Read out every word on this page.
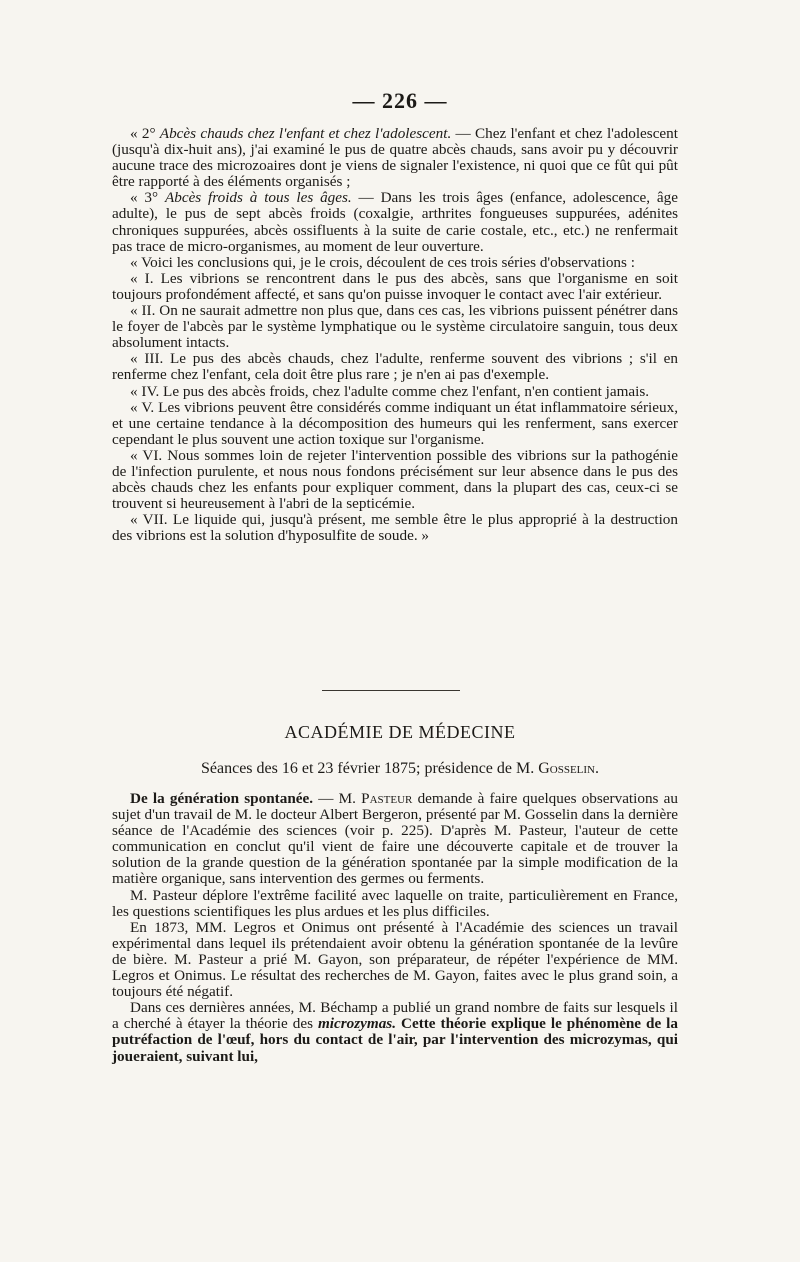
— 226 —

« 2° Abcès chauds chez l'enfant et chez l'adolescent. — Chez l'enfant et chez l'adolescent (jusqu'à dix-huit ans), j'ai examiné le pus de quatre abcès chauds, sans avoir pu y découvrir aucune trace des microzoaires dont je viens de signaler l'existence, ni quoi que ce fût qui pût être rapporté à des éléments organisés ;

« 3° Abcès froids à tous les âges. — Dans les trois âges (enfance, adolescence, âge adulte), le pus de sept abcès froids (coxalgie, arthrites fongueuses suppurées, adénites chroniques suppurées, abcès ossifluents à la suite de carie costale, etc., etc.) ne renfermait pas trace de micro-organismes, au moment de leur ouverture.

« Voici les conclusions qui, je le crois, découlent de ces trois séries d'observations :

« I. Les vibrions se rencontrent dans le pus des abcès, sans que l'organisme en soit toujours profondément affecté, et sans qu'on puisse invoquer le contact avec l'air extérieur.

« II. On ne saurait admettre non plus que, dans ces cas, les vibrions puissent pénétrer dans le foyer de l'abcès par le système lymphatique ou le système circulatoire sanguin, tous deux absolument intacts.

« III. Le pus des abcès chauds, chez l'adulte, renferme souvent des vibrions ; s'il en renferme chez l'enfant, cela doit être plus rare ; je n'en ai pas d'exemple.

« IV. Le pus des abcès froids, chez l'adulte comme chez l'enfant, n'en contient jamais.

« V. Les vibrions peuvent être considérés comme indiquant un état inflammatoire sérieux, et une certaine tendance à la décomposition des humeurs qui les renferment, sans exercer cependant le plus souvent une action toxique sur l'organisme.

« VI. Nous sommes loin de rejeter l'intervention possible des vibrions sur la pathogénie de l'infection purulente, et nous nous fondons précisément sur leur absence dans le pus des abcès chauds chez les enfants pour expliquer comment, dans la plupart des cas, ceux-ci se trouvent si heureusement à l'abri de la septicémie.

« VII. Le liquide qui, jusqu'à présent, me semble être le plus approprié à la destruction des vibrions est la solution d'hyposulfite de soude. »

ACADÉMIE DE MÉDECINE
Séances des 16 et 23 février 1875; présidence de M. Gosselin.

De la génération spontanée. — M. Pasteur demande à faire quelques observations au sujet d'un travail de M. le docteur Albert Bergeron, présenté par M. Gosselin dans la dernière séance de l'Académie des sciences (voir p. 225). D'après M. Pasteur, l'auteur de cette communication en conclut qu'il vient de faire une découverte capitale et de trouver la solution de la grande question de la génération spontanée par la simple modification de la matière organique, sans intervention des germes ou ferments.

M. Pasteur déplore l'extrême facilité avec laquelle on traite, particulièrement en France, les questions scientifiques les plus ardues et les plus difficiles.

En 1873, MM. Legros et Onimus ont présenté à l'Académie des sciences un travail expérimental dans lequel ils prétendaient avoir obtenu la génération spontanée de la levûre de bière. M. Pasteur a prié M. Gayon, son préparateur, de répéter l'expérience de MM. Legros et Onimus. Le résultat des recherches de M. Gayon, faites avec le plus grand soin, a toujours été négatif.

Dans ces dernières années, M. Béchamp a publié un grand nombre de faits sur lesquels il a cherché à étayer la théorie des microzymas. Cette théorie explique le phénomène de la putréfaction de l'œuf, hors du contact de l'air, par l'intervention des microzymas, qui joueraient, suivant lui,
